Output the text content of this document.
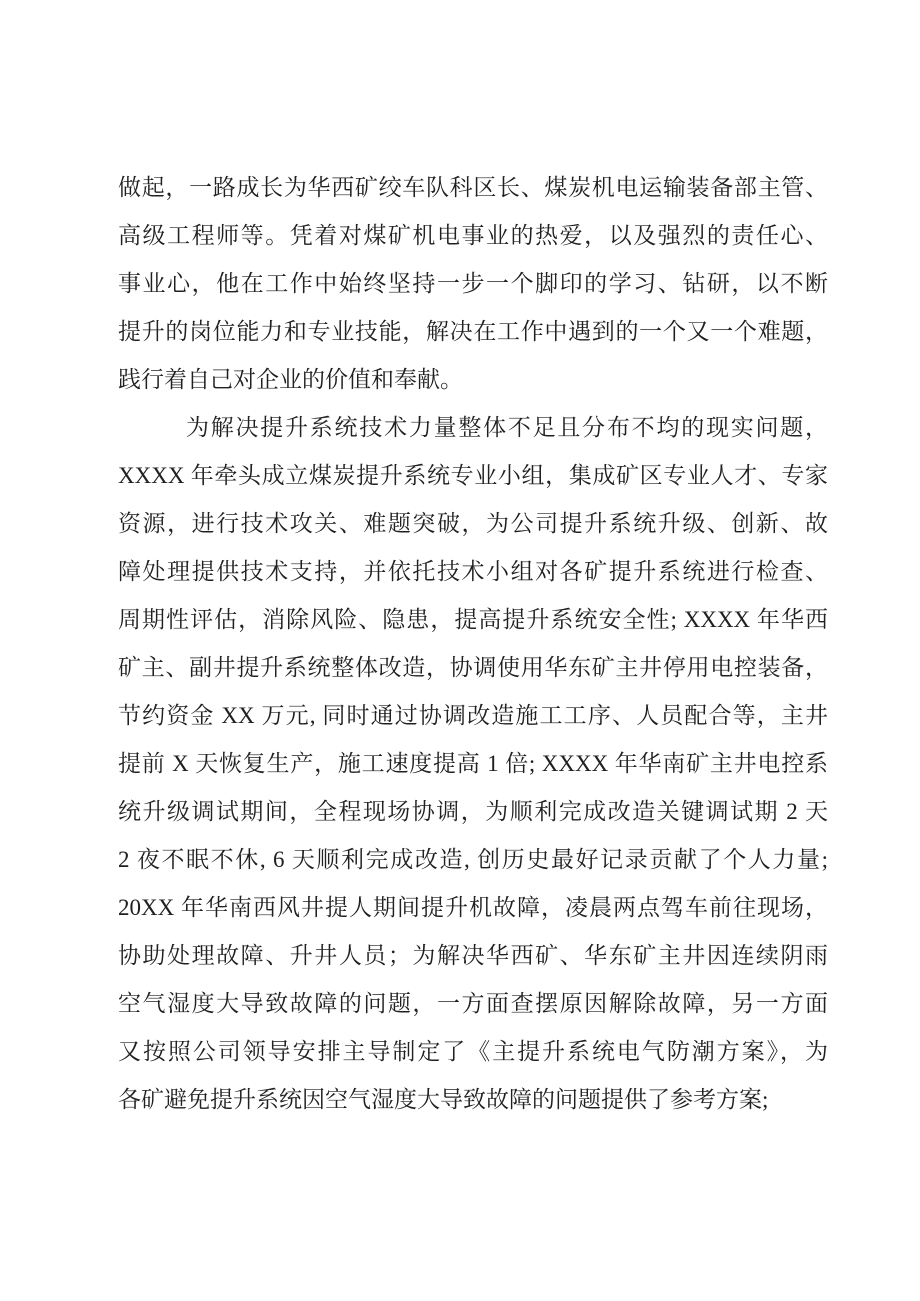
做起，一路成长为华西矿绞车队科区长、煤炭机电运输装备部主管、
高级工程师等。凭着对煤矿机电事业的热爱，以及强烈的责任心、
事业心，他在工作中始终坚持一步一个脚印的学习、钻研，以不断
提升的岗位能力和专业技能，解决在工作中遇到的一个又一个难题，
践行着自己对企业的价值和奉献。
为解决提升系统技术力量整体不足且分布不均的现实问题，
XXXX 年牵头成立煤炭提升系统专业小组，集成矿区专业人才、专家
资源，进行技术攻关、难题突破，为公司提升系统升级、创新、故
障处理提供技术支持，并依托技术小组对各矿提升系统进行检查、
周期性评估，消除风险、隐患，提高提升系统安全性; XXXX 年华西
矿主、副井提升系统整体改造，协调使用华东矿主井停用电控装备，
节约资金 XX 万元, 同时通过协调改造施工工序、人员配合等，主井
提前 X 天恢复生产，施工速度提高 1 倍; XXXX 年华南矿主井电控系
统升级调试期间，全程现场协调，为顺利完成改造关键调试期 2 天
2 夜不眠不休, 6 天顺利完成改造, 创历史最好记录贡献了个人力量;
20XX 年华南西风井提人期间提升机故障，凌晨两点驾车前往现场，
协助处理故障、升井人员；为解决华西矿、华东矿主井因连续阴雨
空气湿度大导致故障的问题，一方面查摆原因解除故障，另一方面
又按照公司领导安排主导制定了《主提升系统电气防潮方案》，为
各矿避免提升系统因空气湿度大导致故障的问题提供了参考方案;
